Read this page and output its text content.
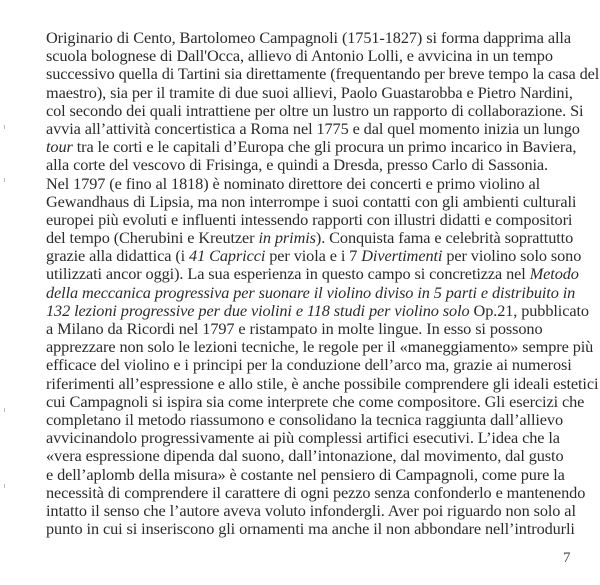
Originario di Cento, Bartolomeo Campagnoli (1751-1827) si forma dapprima alla
scuola bolognese di Dall'Occa, allievo di Antonio Lolli, e avvicina in un tempo
successivo quella di Tartini sia direttamente (frequentando per breve tempo la casa del
maestro), sia per il tramite di due suoi allievi, Paolo Guastarobba e Pietro Nardini,
col secondo dei quali intrattiene per oltre un lustro un rapporto di collaborazione. Si
avvia all’attività concertistica a Roma nel 1775 e dal quel momento inizia un lungo
tour tra le corti e le capitali d’Europa che gli procura un primo incarico in Baviera,
alla corte del vescovo di Frisinga, e quindi a Dresda, presso Carlo di Sassonia.
Nel 1797 (e fino al 1818) è nominato direttore dei concerti e primo violino al
Gewandhaus di Lipsia, ma non interrompe i suoi contatti con gli ambienti culturali
europei più evoluti e influenti intessendo rapporti con illustri didatti e compositori
del tempo (Cherubini e Kreutzer in primis). Conquista fama e celebrità soprattutto
grazie alla didattica (i 41 Capricci per viola e i 7 Divertimenti per violino solo sono
utilizzati ancor oggi). La sua esperienza in questo campo si concretizza nel Metodo
della meccanica progressiva per suonare il violino diviso in 5 parti e distribuito in
132 lezioni progressive per due violini e 118 studi per violino solo Op.21, pubblicato
a Milano da Ricordi nel 1797 e ristampato in molte lingue. In esso si possono
apprezzare non solo le lezioni tecniche, le regole per il «maneggiamento» sempre più
efficace del violino e i principi per la conduzione dell’arco ma, grazie ai numerosi
riferimenti all’espressione e allo stile, è anche possibile comprendere gli ideali estetici
cui Campagnoli si ispira sia come interprete che come compositore. Gli esercizi che
completano il metodo riassumono e consolidano la tecnica raggiunta dall’allievo
avvicinandolo progressivamente ai più complessi artifici esecutivi. L’idea che la
«vera espressione dipenda dal suono, dall’intonazione, dal movimento, dal gusto
e dell’aplomb della misura» è costante nel pensiero di Campagnoli, come pure la
necessità di comprendere il carattere di ogni pezzo senza confonderlo e mantenendo
intatto il senso che l’autore aveva voluto infondergli. Aver poi riguardo non solo al
punto in cui si inseriscono gli ornamenti ma anche il non abbondare nell’introdurli
7
